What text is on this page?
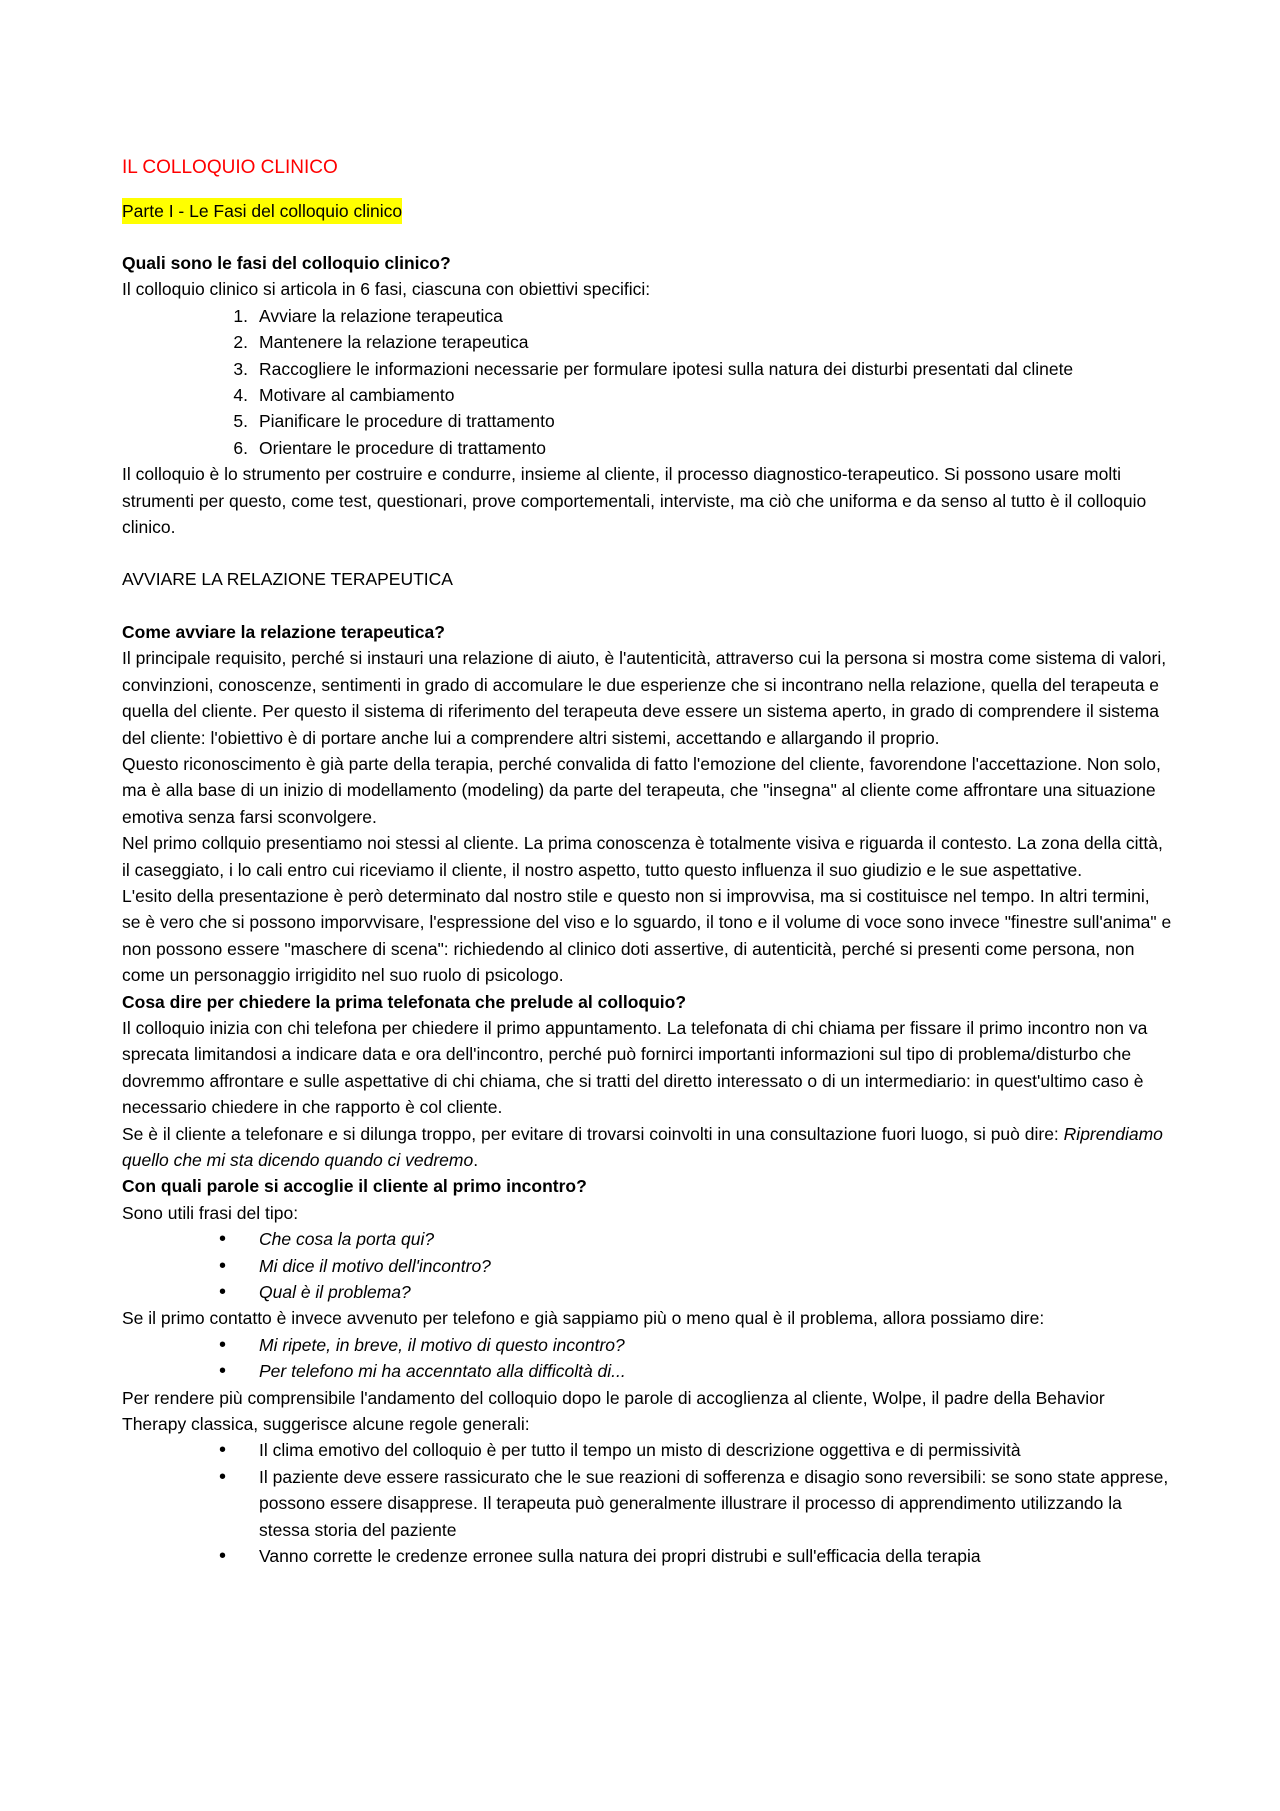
IL COLLOQUIO CLINICO
Parte I - Le Fasi del colloquio clinico

Quali sono le fasi del colloquio clinico?

Il colloquio clinico si articola in 6 fasi, ciascuna con obiettivi specifici:

1. Avviare la relazione terapeutica
2. Mantenere la relazione terapeutica
3. Raccogliere le informazioni necessarie per formulare ipotesi sulla natura dei disturbi presentati dal clinete
4. Motivare al cambiamento
5. Pianificare le procedure di trattamento
6. Orientare le procedure di trattamento

Il colloquio è lo strumento per costruire e condurre, insieme al cliente, il processo diagnostico-terapeutico. Si possono usare molti strumenti per questo, come test, questionari, prove comportementali, interviste, ma ciò che uniforma e da senso al tutto è il colloquio clinico.

AVVIARE LA RELAZIONE TERAPEUTICA

Come avviare la relazione terapeutica?

Il principale requisito, perché si instauri una relazione di aiuto, è l'autenticità, attraverso cui la persona si mostra come sistema di valori, convinzioni, conoscenze, sentimenti in grado di accomulare le due esperienze che si incontrano nella relazione, quella del terapeuta e quella del cliente. Per questo il sistema di riferimento del terapeuta deve essere un sistema aperto, in grado di comprendere il sistema del cliente: l'obiettivo è di portare anche lui a comprendere altri sistemi, accettando e allargando il proprio.

Questo riconoscimento è già parte della terapia, perché convalida di fatto l'emozione del cliente, favorendone l'accettazione. Non solo, ma è alla base di un inizio di modellamento (modeling) da parte del terapeuta, che "insegna" al cliente come affrontare una situazione emotiva senza farsi sconvolgere.

Nel primo collquio presentiamo noi stessi al cliente. La prima conoscenza è totalmente visiva e riguarda il contesto. La zona della città, il caseggiato, i lo cali entro cui riceviamo il cliente, il nostro aspetto, tutto questo influenza il suo giudizio e le sue aspettative.

L'esito della presentazione è però determinato dal nostro stile e questo non si improvvisa, ma si costituisce nel tempo. In altri termini, se è vero che si possono imporvvisare, l'espressione del viso e lo sguardo, il tono e il volume di voce sono invece "finestre sull'anima" e non possono essere "maschere di scena": richiedendo al clinico doti assertive, di autenticità, perché si presenti come persona, non come un personaggio irrigidito nel suo ruolo di psicologo.

Cosa dire per chiedere la prima telefonata che prelude al colloquio?

Il colloquio inizia con chi telefona per chiedere il primo appuntamento. La telefonata di chi chiama per fissare il primo incontro non va sprecata limitandosi a indicare data e ora dell'incontro, perché può fornirci importanti informazioni sul tipo di problema/disturbo che dovremmo affrontare e sulle aspettative di chi chiama, che si tratti del diretto interessato o di un intermediario: in quest'ultimo caso è necessario chiedere in che rapporto è col cliente.

Se è il cliente a telefonare e si dilunga troppo, per evitare di trovarsi coinvolti in una consultazione fuori luogo, si può dire: Riprendiamo quello che mi sta dicendo quando ci vedremo.

Con quali parole si accoglie il cliente al primo incontro?

Sono utili frasi del tipo:

• Che cosa la porta qui?
• Mi dice il motivo dell'incontro?
• Qual è il problema?

Se il primo contatto è invece avvenuto per telefono e già sappiamo più o meno qual è il problema, allora possiamo dire:

• Mi ripete, in breve, il motivo di questo incontro?
• Per telefono mi ha accenntato alla difficoltà di...

Per rendere più comprensibile l'andamento del colloquio dopo le parole di accoglienza al cliente, Wolpe, il padre della Behavior Therapy classica, suggerisce alcune regole generali:

• Il clima emotivo del colloquio è per tutto il tempo un misto di descrizione oggettiva e di permissività
• Il paziente deve essere rassicurato che le sue reazioni di sofferenza e disagio sono reversibili: se sono state apprese, possono essere disapprese. Il terapeuta può generalmente illustrare il processo di apprendimento utilizzando la stessa storia del paziente
• Vanno corrette le credenze erronee sulla natura dei propri distrubi e sull'efficacia della terapia
